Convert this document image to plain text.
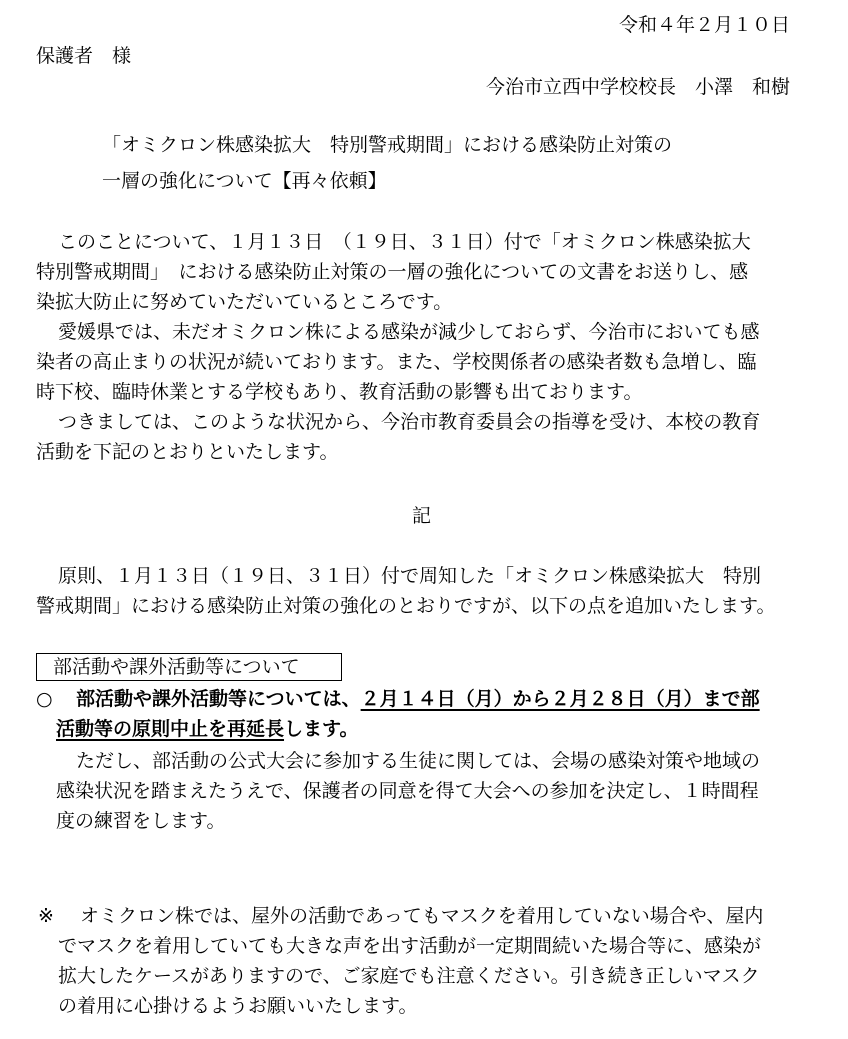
令和４年２月１０日

保護者　様

今治市立西中学校校長　小澤　和樹

「オミクロン株感染拡大　特別警戒期間」における感染防止対策の

一層の強化について【再々依頼】

このことについて、１月１３日　（１９日、３１日）付で「オミクロン株感染拡大

特別警戒期間」　における感染防止対策の一層の強化についての文書をお送りし、感

染拡大防止に努めていただいているところです。

愛媛県では、未だオミクロン株による感染が減少しておらず、今治市においても感

染者の高止まりの状況が続いております。また、学校関係者の感染者数も急増し、臨

時下校、臨時休業とする学校もあり、教育活動の影響も出ております。

つきましては、このような状況から、今治市教育委員会の指導を受け、本校の教育

活動を下記のとおりといたします。

記

原則、１月１３日（１９日、３１日）付で周知した「オミクロン株感染拡大　特別

警戒期間」における感染防止対策の強化のとおりですが、以下の点を追加いたします。

部活動や課外活動等について

○ 部活動や課外活動等については、２月１４日（月）から２月２８日（月）まで部

活動等の原則中止を再延長します。

ただし、部活動の公式大会に参加する生徒に関しては、会場の感染対策や地域の

感染状況を踏まえたうえで、保護者の同意を得て大会への参加を決定し、１時間程

度の練習をします。

※ オミクロン株では、屋外の活動であってもマスクを着用していない場合や、屋内

でマスクを着用していても大きな声を出す活動が一定期間続いた場合等に、感染が

拡大したケースがありますので、ご家庭でも注意ください。引き続き正しいマスク

の着用に心掛けるようお願いいたします。
